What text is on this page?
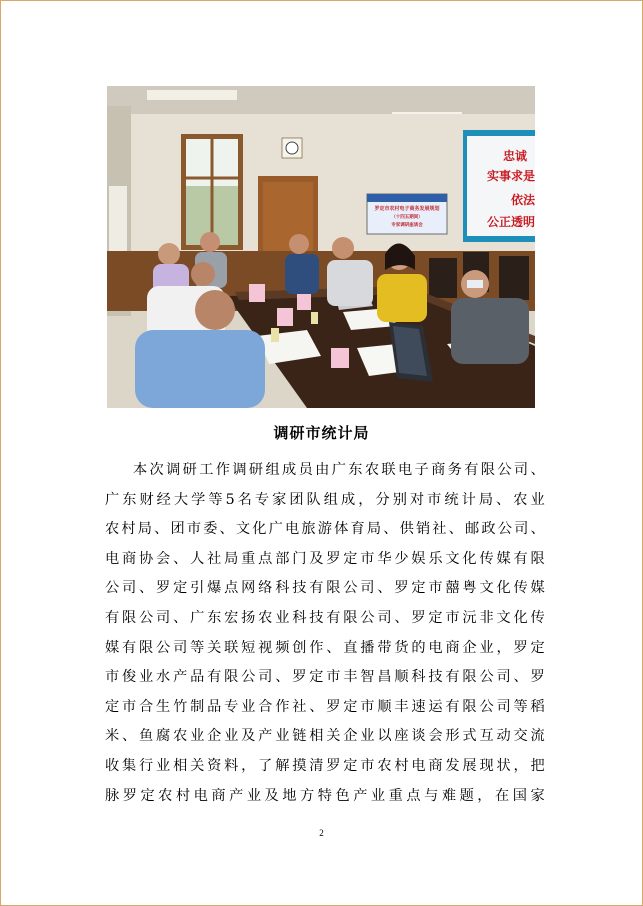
罗定市农村电子商务发展规划
（十四五期间）
专家调研座谈会
忠诚
实事求是
依法
公正透明
调研市统计局
本次调研工作调研组成员由广东农联电子商务有限公司、
广东财经大学等5名专家团队组成，分别对市统计局、农业
农村局、团市委、文化广电旅游体育局、供销社、邮政公司、
电商协会、人社局重点部门及罗定市华少娱乐文化传媒有限
公司、罗定引爆点网络科技有限公司、罗定市囍粤文化传媒
有限公司、广东宏扬农业科技有限公司、罗定市沅非文化传
媒有限公司等关联短视频创作、直播带货的电商企业，罗定
市俊业水产品有限公司、罗定市丰智昌顺科技有限公司、罗
定市合生竹制品专业合作社、罗定市顺丰速运有限公司等稻
米、鱼腐农业企业及产业链相关企业以座谈会形式互动交流
收集行业相关资料，了解摸清罗定市农村电商发展现状，把
脉罗定农村电商产业及地方特色产业重点与难题，在国家
2
